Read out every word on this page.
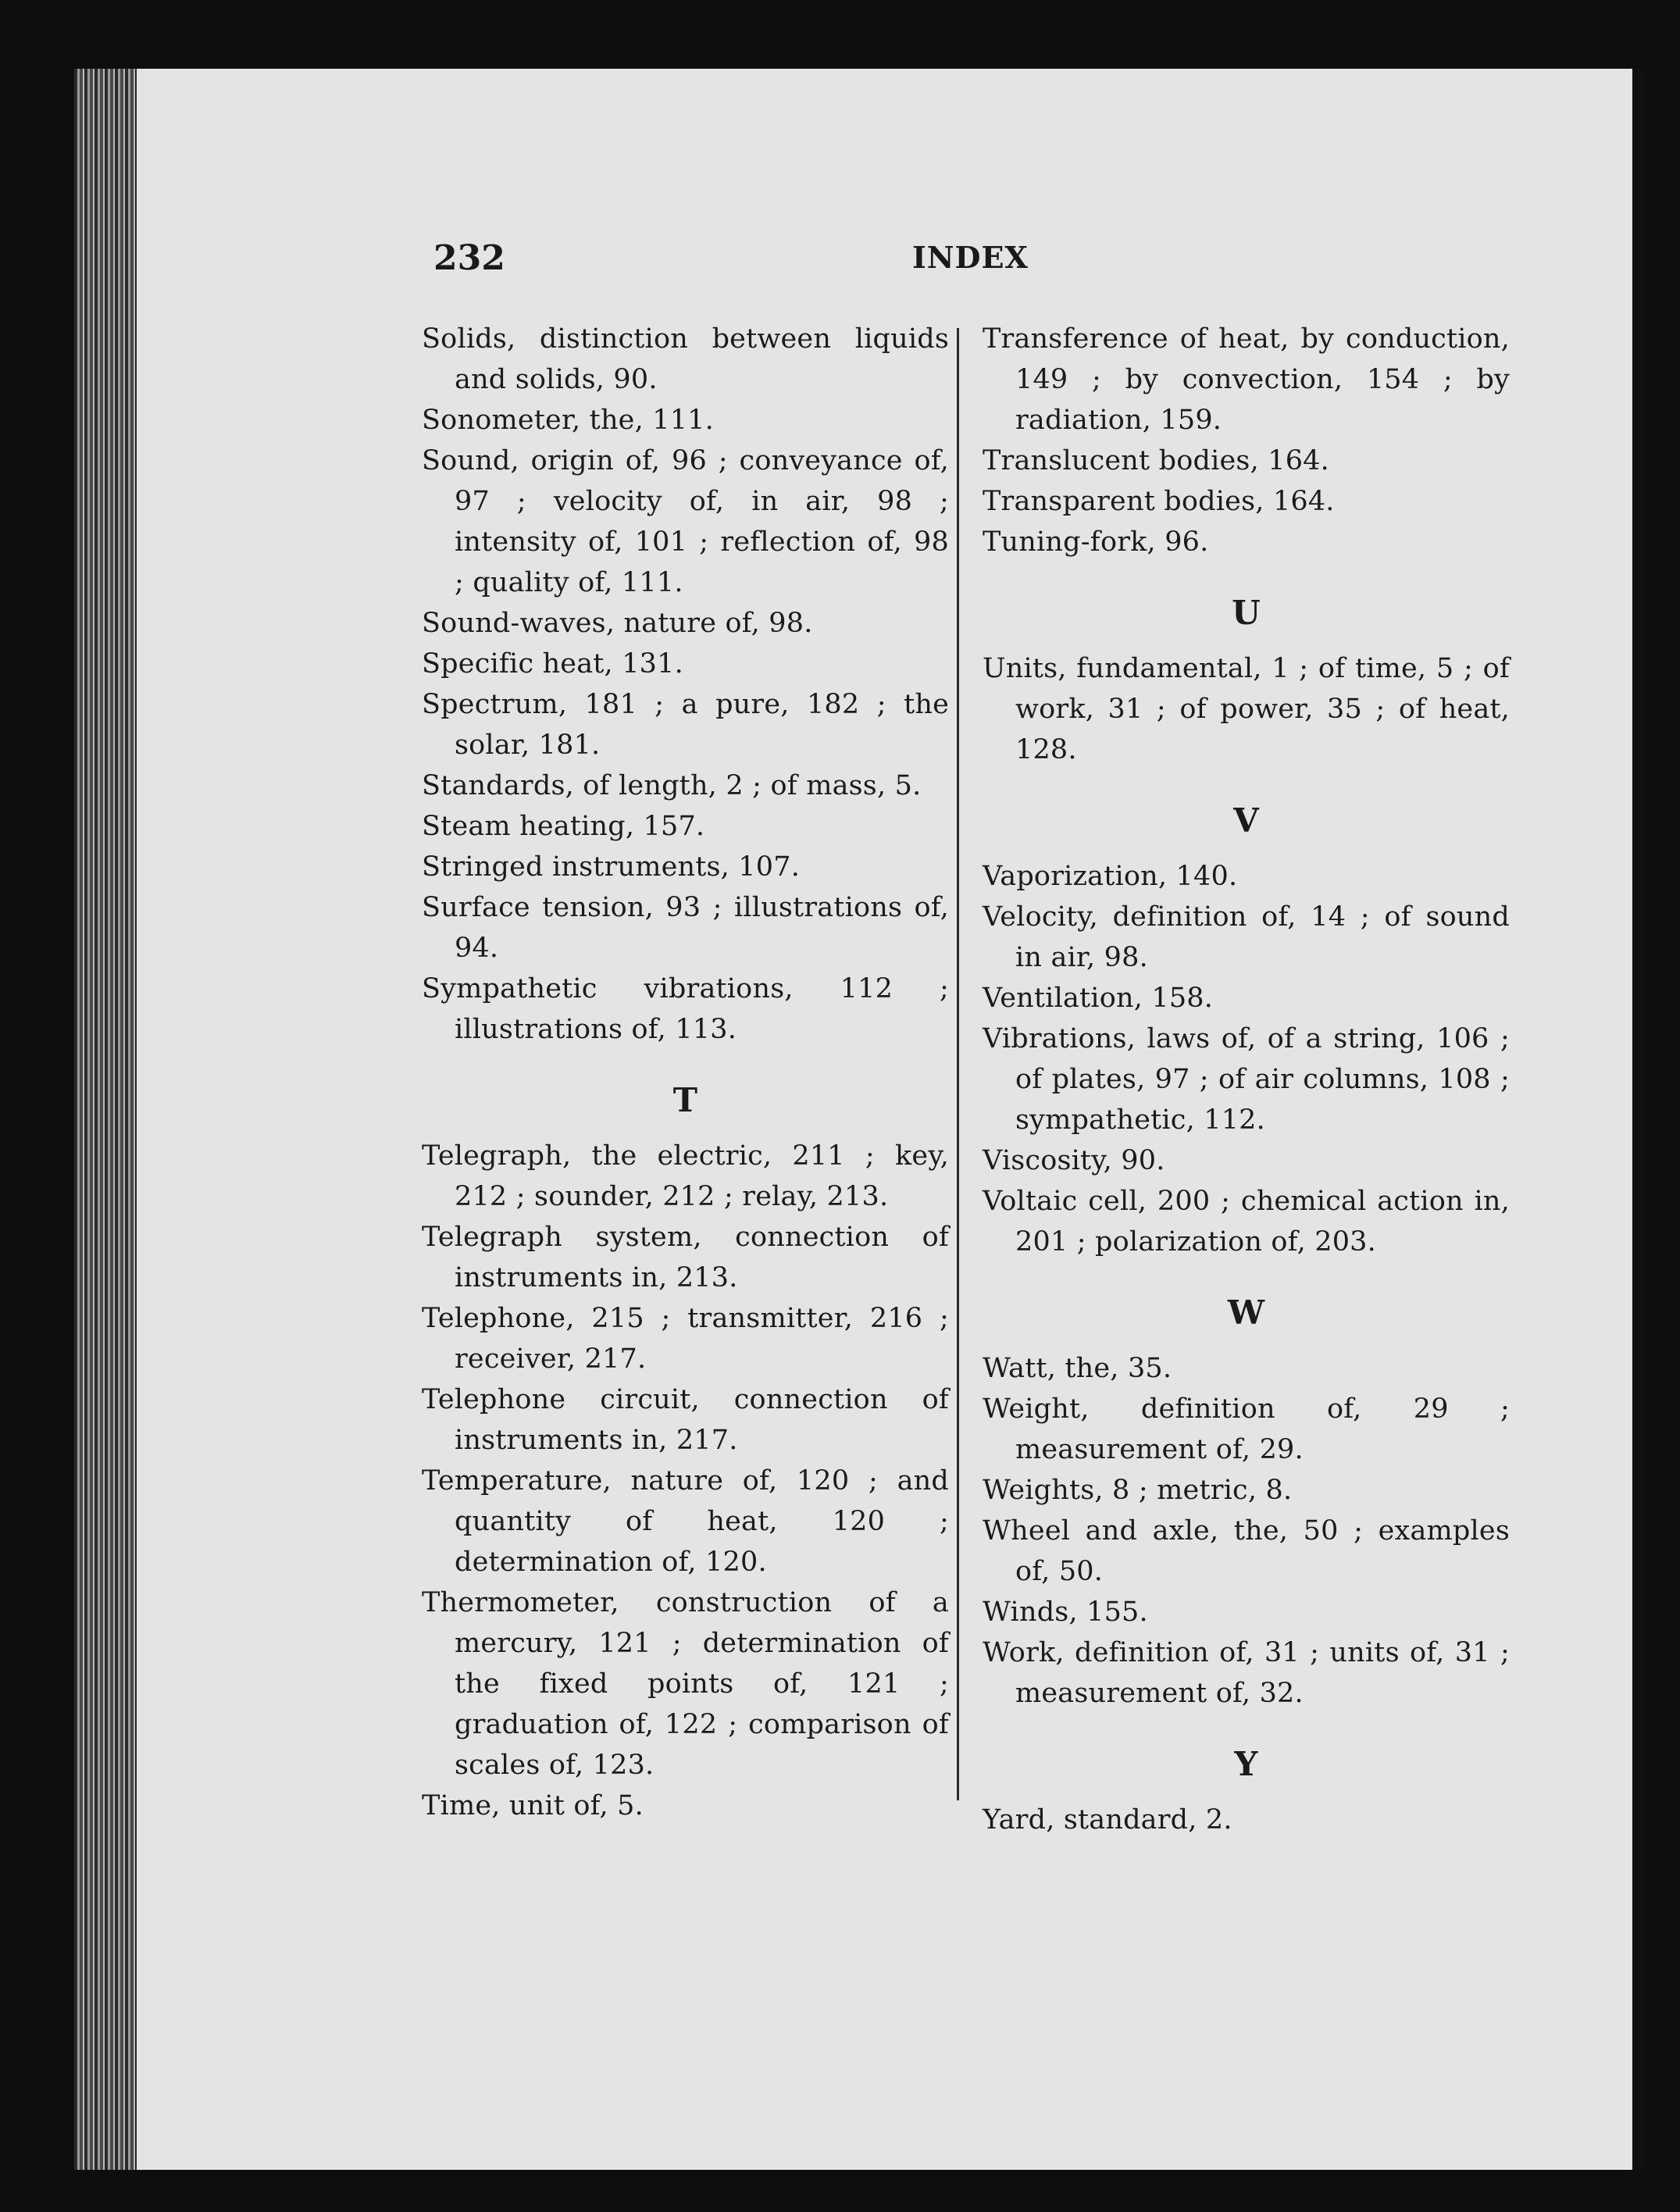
232	INDEX
Solids, distinction between liquids and solids, 90.
Sonometer, the, 111.
Sound, origin of, 96 ; conveyance of, 97 ; velocity of, in air, 98 ; intensity of, 101 ; reflection of, 98 ; quality of, 111.
Sound-waves, nature of, 98.
Specific heat, 131.
Spectrum, 181 ; a pure, 182 ; the solar, 181.
Standards, of length, 2 ; of mass, 5.
Steam heating, 157.
Stringed instruments, 107.
Surface tension, 93 ; illustrations of, 94.
Sympathetic vibrations, 112 ; illustrations of, 113.
T
Telegraph, the electric, 211 ; key, 212 ; sounder, 212 ; relay, 213.
Telegraph system, connection of instruments in, 213.
Telephone, 215 ; transmitter, 216 ; receiver, 217.
Telephone circuit, connection of instruments in, 217.
Temperature, nature of, 120 ; and quantity of heat, 120 ; determination of, 120.
Thermometer, construction of a mercury, 121 ; determination of the fixed points of, 121 ; graduation of, 122 ; comparison of scales of, 123.
Time, unit of, 5.
Transference of heat, by conduction, 149 ; by convection, 154 ; by radiation, 159.
Translucent bodies, 164.
Transparent bodies, 164.
Tuning-fork, 96.
U
Units, fundamental, 1 ; of time, 5 ; of work, 31 ; of power, 35 ; of heat, 128.
V
Vaporization, 140.
Velocity, definition of, 14 ; of sound in air, 98.
Ventilation, 158.
Vibrations, laws of, of a string, 106 ; of plates, 97 ; of air columns, 108 ; sympathetic, 112.
Viscosity, 90.
Voltaic cell, 200 ; chemical action in, 201 ; polarization of, 203.
W
Watt, the, 35.
Weight, definition of, 29 ; measurement of, 29.
Weights, 8 ; metric, 8.
Wheel and axle, the, 50 ; examples of, 50.
Winds, 155.
Work, definition of, 31 ; units of, 31 ; measurement of, 32.
Y
Yard, standard, 2.
